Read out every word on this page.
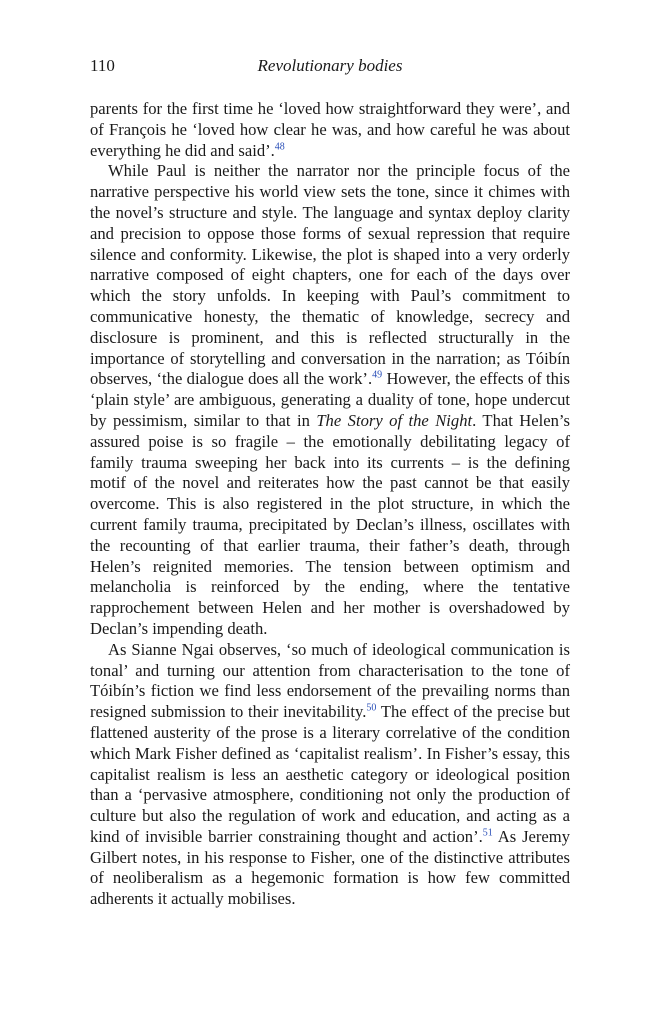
110	Revolutionary bodies

parents for the first time he ‘loved how straightforward they were’, and of François he ‘loved how clear he was, and how careful he was about everything he did and said’.$^{48}$

While Paul is neither the narrator nor the principle focus of the narrative perspective his world view sets the tone, since it chimes with the novel’s structure and style. The language and syntax deploy clarity and precision to oppose those forms of sexual repression that require silence and conformity. Likewise, the plot is shaped into a very orderly narrative composed of eight chapters, one for each of the days over which the story unfolds. In keeping with Paul’s commitment to communicative honesty, the thematic of knowledge, secrecy and disclosure is prominent, and this is reflected structurally in the importance of storytelling and conversation in the narration; as Tóibín observes, ‘the dialogue does all the work’.$^{49}$ However, the effects of this ‘plain style’ are ambiguous, generating a duality of tone, hope undercut by pessimism, similar to that in The Story of the Night. That Helen’s assured poise is so fragile – the emotionally debilitating legacy of family trauma sweeping her back into its currents – is the defining motif of the novel and reiterates how the past cannot be that easily overcome. This is also registered in the plot structure, in which the current family trauma, precipitated by Declan’s illness, oscillates with the recounting of that earlier trauma, their father’s death, through Helen’s reignited memories. The tension between optimism and melancholia is reinforced by the ending, where the tentative rapprochement between Helen and her mother is overshadowed by Declan’s impending death.

As Sianne Ngai observes, ‘so much of ideological communication is tonal’ and turning our attention from characterisation to the tone of Tóibín’s fiction we find less endorsement of the prevailing norms than resigned submission to their inevitability.$^{50}$ The effect of the precise but flattened austerity of the prose is a literary correlative of the condition which Mark Fisher defined as ‘capitalist realism’. In Fisher’s essay, this capitalist realism is less an aesthetic category or ideological position than a ‘pervasive atmosphere, conditioning not only the production of culture but also the regulation of work and education, and acting as a kind of invisible barrier constraining thought and action’.$^{51}$ As Jeremy Gilbert notes, in his response to Fisher, one of the distinctive attributes of neoliberalism as a hegemonic formation is how few committed adherents it actually mobilises.
